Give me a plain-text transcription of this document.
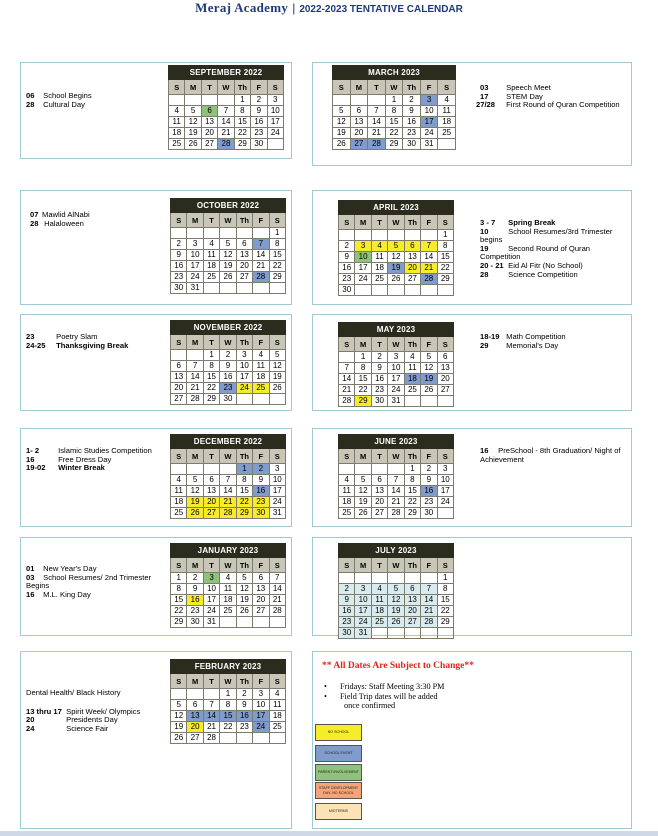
Meraj Academy | 2022-2023 TENTATIVE CALENDAR
06 School Begins
28 Cultural Day
SEPTEMBER 2022						
S	M	T	W	Th	F	S
				1	2	3
4	5	6	7	8	9	10
11	12	13	14	15	16	17
18	19	20	21	22	23	24
25	26	27	28	29	30	
MARCH 2023						
S	M	T	W	Th	F	S
			1	2	3	4
5	6	7	8	9	10	11
12	13	14	15	16	17	18
19	20	21	22	23	24	25
26	27	28	29	30	31	
03 Speech Meet
17 STEM Day
27/28 First Round of Quran Competition
07 Mawlid AlNabi
28 Halaloween
OCTOBER 2022						
S	M	T	W	Th	F	S
						1
2	3	4	5	6	7	8
9	10	11	12	13	14	15
16	17	18	19	20	21	22
23	24	25	26	27	28	29
30	31					
APRIL 2023						
S	M	T	W	Th	F	S
						1
2	3	4	5	6	7	8
9	10	11	12	13	14	15
16	17	18	19	20	21	22
23	24	25	26	27	28	29
30						
3 - 7 Spring Break
10	School Resumes/3rd Trimester begins
19	Second Round of Quran Competition
20 - 21 Eid Al Fitr (No School)
28	Science Competition
23	Poetry Slam
24-25 Thanksgiving Break
NOVEMBER 2022						
S	M	T	W	Th	F	S
		1	2	3	4	5
6	7	8	9	10	11	12
13	14	15	16	17	18	19
20	21	22	23	24	25	26
27	28	29	30			
MAY 2023						
S	M	T	W	Th	F	S
	1	2	3	4	5	6
7	8	9	10	11	12	13
14	15	16	17	18	19	20
21	22	23	24	25	26	27
28	29	30	31			
18-19 Math Competition
29 Memorial's Day
1- 2	Islamic Studies Competition
16	Free Dress Day
19-02 Winter Break
DECEMBER 2022						
S	M	T	W	Th	F	S
				1	2	3
4	5	6	7	8	9	10
11	12	13	14	15	16	17
18	19	20	21	22	23	24
25	26	27	28	29	30	31
JUNE 2023						
S	M	T	W	Th	F	S
				1	2	3
4	5	6	7	8	9	10
11	12	13	14	15	16	17
18	19	20	21	22	23	24
25	26	27	28	29	30	
16 PreSchool - 8th Graduation/ Night of Achievement
01 New Year's Day
03 School Resumes/ 2nd Trimester Begins
16 M.L. King Day
JANUARY 2023						
S	M	T	W	Th	F	S
1	2	3	4	5	6	7
8	9	10	11	12	13	14
15	16	17	18	19	20	21
22	23	24	25	26	27	28
29	30	31				
JULY 2023						
S	M	T	W	Th	F	S
						1
2	3	4	5	6	7	8
9	10	11	12	13	14	15
16	17	18	19	20	21	22
23	24	25	26	27	28	29
30	31					
Dental Health/ Black History
13 thru 17 Spirit Week/ Olympics
20	Presidents Day
24	Science Fair
FEBRUARY 2023						
S	M	T	W	Th	F	S
			1	2	3	4
5	6	7	8	9	10	11
12	13	14	15	16	17	18
19	20	21	22	23	24	25
26	27	28				
** All Dates Are Subject to Change**
• Fridays: Staff Meeting 3:30 PM
• Field Trip dates will be added
once confirmed
NO SCHOOL
SCHOOL EVENT
PARENT INVOLVEMENT
STAFF DEVELOPMENT DAY- NO SCHOOL
MIDTERMS
